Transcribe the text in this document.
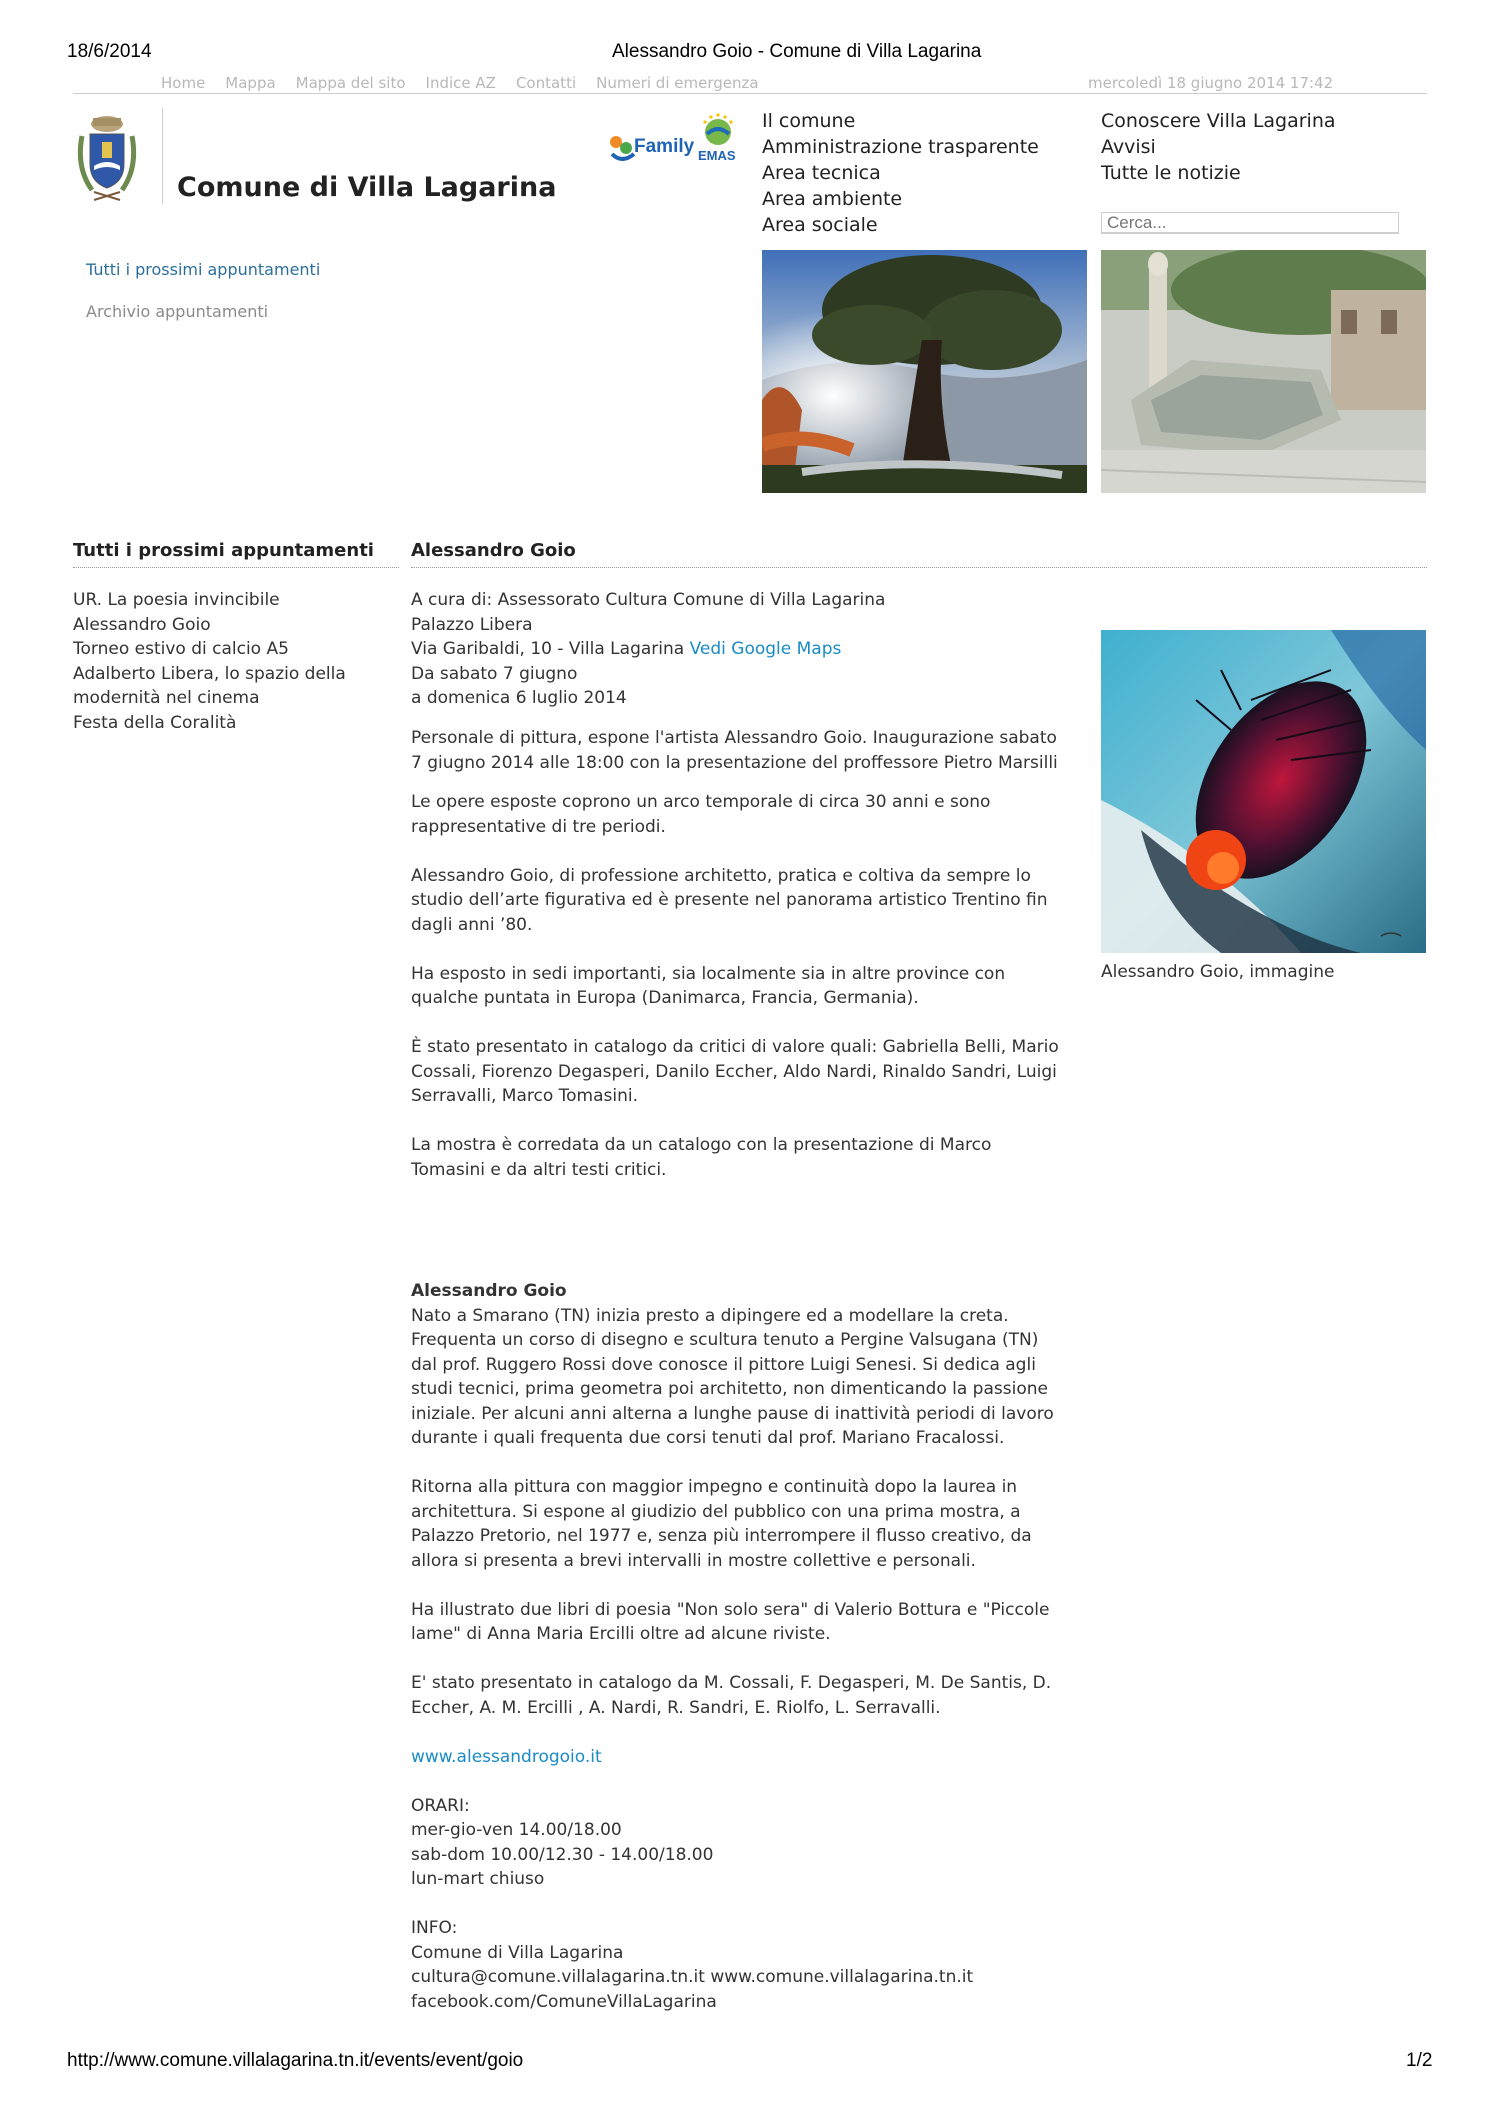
18/6/2014	Alessandro Goio - Comune di Villa Lagarina
Home Mappa Mappa del sito Indice AZ Contatti Numeri di emergenza	mercoledì 18 giugno 2014 17:42
Comune di Villa Lagarina
Family EMAS
Il comune
Amministrazione trasparente
Area tecnica
Area ambiente
Area sociale
Conoscere Villa Lagarina
Avvisi
Tutte le notizie
Cerca...
Tutti i prossimi appuntamenti
Archivio appuntamenti
Tutti i prossimi appuntamenti
UR. La poesia invincibile
Alessandro Goio
Torneo estivo di calcio A5
Adalberto Libera, lo spazio della modernità nel cinema
Festa della Coralità
Alessandro Goio
A cura di: Assessorato Cultura Comune di Villa Lagarina
Palazzo Libera
Via Garibaldi, 10 - Villa Lagarina Vedi Google Maps
Da sabato 7 giugno
a domenica 6 luglio 2014

Personale di pittura, espone l'artista Alessandro Goio. Inaugurazione sabato 7 giugno 2014 alle 18:00 con la presentazione del proffessore Pietro Marsilli

Le opere esposte coprono un arco temporale di circa 30 anni e sono rappresentative di tre periodi.

Alessandro Goio, di professione architetto, pratica e coltiva da sempre lo studio dell’arte figurativa ed è presente nel panorama artistico Trentino fin dagli anni ’80.

Ha esposto in sedi importanti, sia localmente sia in altre province con qualche puntata in Europa (Danimarca, Francia, Germania).

È stato presentato in catalogo da critici di valore quali: Gabriella Belli, Mario Cossali, Fiorenzo Degasperi, Danilo Eccher, Aldo Nardi, Rinaldo Sandri, Luigi Serravalli, Marco Tomasini.

La mostra è corredata da un catalogo con la presentazione di Marco Tomasini e da altri testi critici.

Alessandro Goio

Nato a Smarano (TN) inizia presto a dipingere ed a modellare la creta. Frequenta un corso di disegno e scultura tenuto a Pergine Valsugana (TN) dal prof. Ruggero Rossi dove conosce il pittore Luigi Senesi. Si dedica agli studi tecnici, prima geometra poi architetto, non dimenticando la passione iniziale. Per alcuni anni alterna a lunghe pause di inattività periodi di lavoro durante i quali frequenta due corsi tenuti dal prof. Mariano Fracalossi.

Ritorna alla pittura con maggior impegno e continuità dopo la laurea in architettura. Si espone al giudizio del pubblico con una prima mostra, a Palazzo Pretorio, nel 1977 e, senza più interrompere il flusso creativo, da allora si presenta a brevi intervalli in mostre collettive e personali.

Ha illustrato due libri di poesia "Non solo sera" di Valerio Bottura e "Piccole lame" di Anna Maria Ercilli oltre ad alcune riviste.

E' stato presentato in catalogo da M. Cossali, F. Degasperi, M. De Santis, D. Eccher, A. M. Ercilli , A. Nardi, R. Sandri, E. Riolfo, L. Serravalli.

www.alessandrogoio.it

ORARI:
mer-gio-ven 14.00/18.00
sab-dom 10.00/12.30 - 14.00/18.00
lun-mart chiuso

INFO:
Comune di Villa Lagarina
cultura@comune.villalagarina.tn.it www.comune.villalagarina.tn.it
facebook.com/ComuneVillaLagarina
Alessandro Goio, immagine
http://www.comune.villalagarina.tn.it/events/event/goio	1/2
